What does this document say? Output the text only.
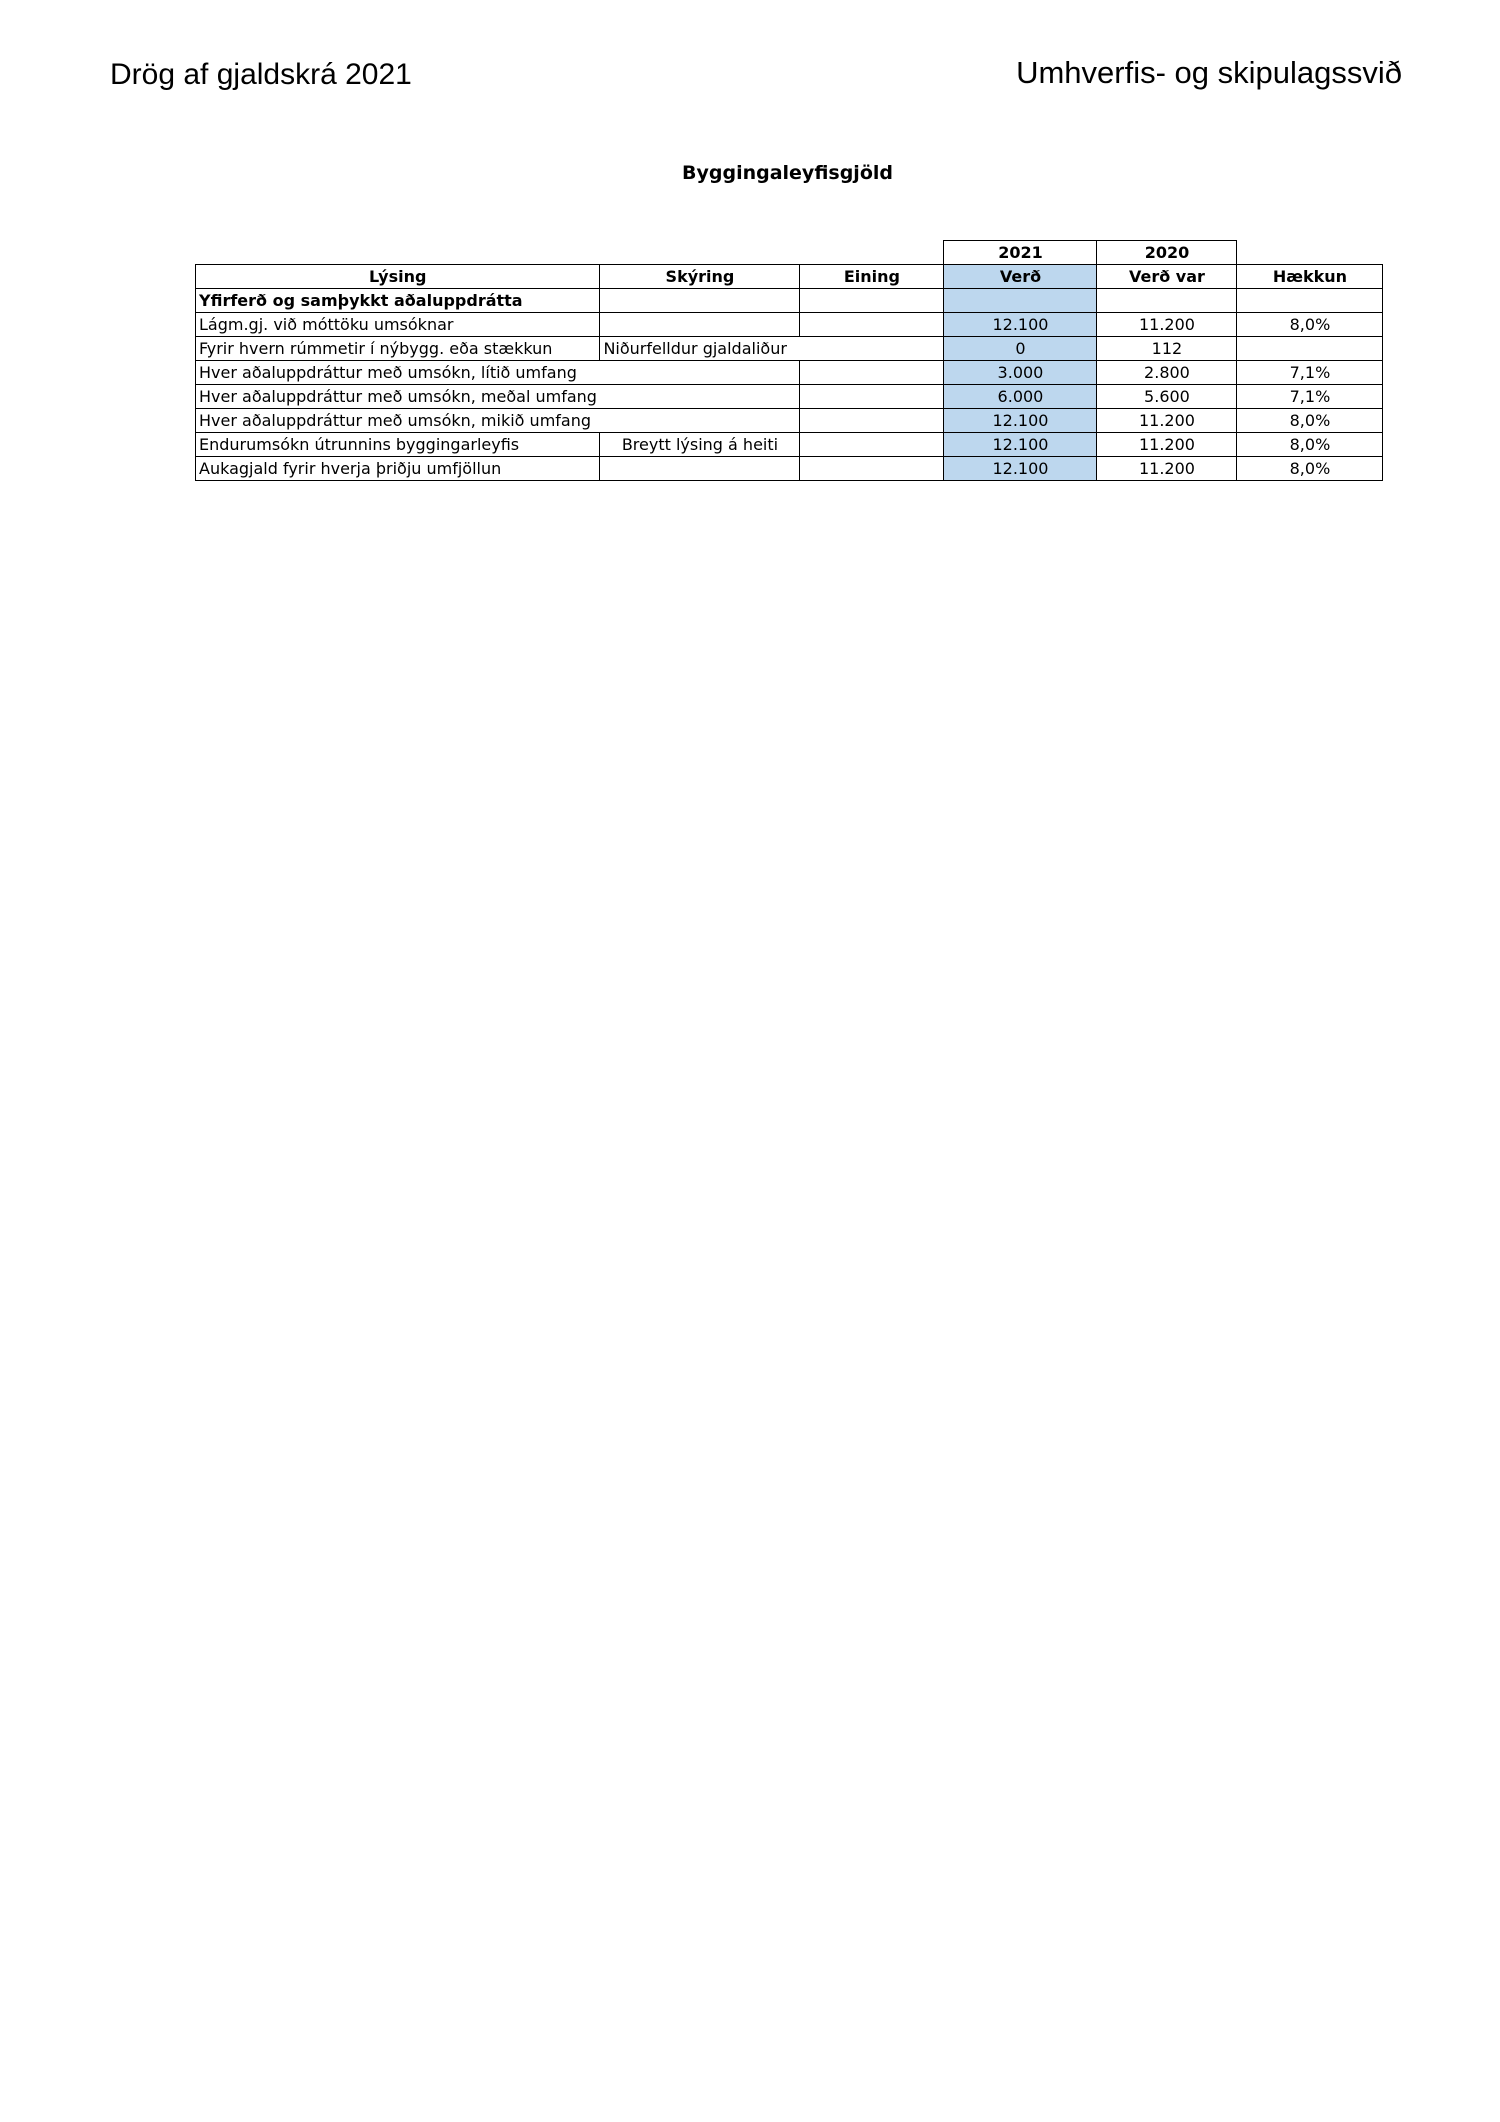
Drög af gjaldskrá 2021	Umhverfis- og skipulagssvið
Byggingaleyfisgjöld
			2021	2020	
Lýsing	Skýring	Eining	Verð	Verð var	Hækkun
Yfirferð og samþykkt aðaluppdrátta					
Lágm.gj. við móttöku umsóknar			12.100	11.200	8,0%
Fyrir hvern rúmmetir í nýbygg. eða stækkun	Niðurfelldur gjaldaliður		0	112	
Hver aðaluppdráttur með umsókn, lítið umfang			3.000	2.800	7,1%
Hver aðaluppdráttur með umsókn, meðal umfang			6.000	5.600	7,1%
Hver aðaluppdráttur með umsókn, mikið umfang			12.100	11.200	8,0%
Endurumsókn útrunnins byggingarleyfis	Breytt lýsing á heiti		12.100	11.200	8,0%
Aukagjald fyrir hverja þriðju umfjöllun			12.100	11.200	8,0%
